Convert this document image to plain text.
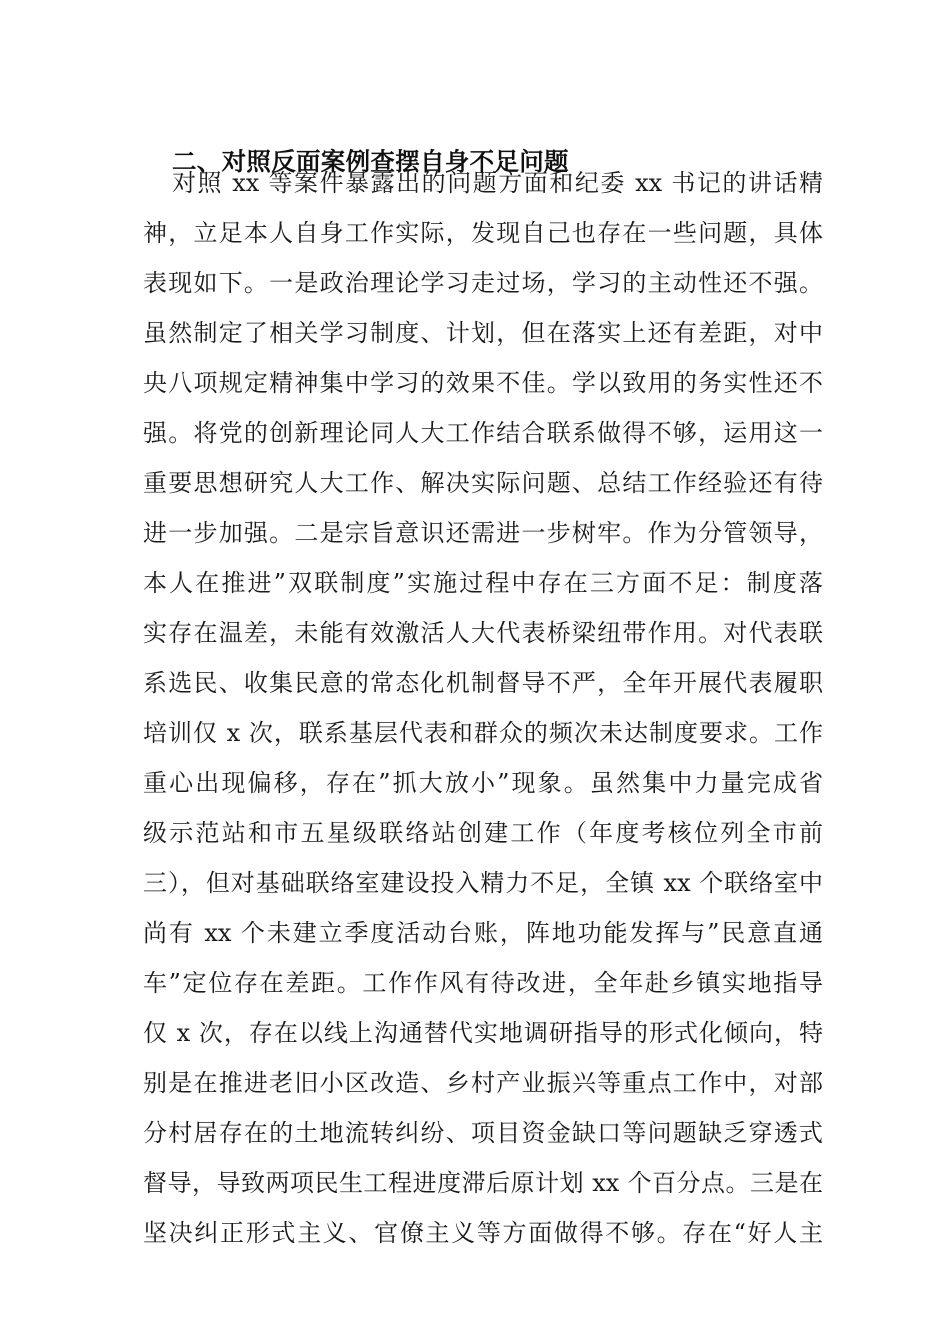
二、对照反面案例查摆自身不足问题
对照 xx 等案件暴露出的问题方面和纪委 xx 书记的讲话精
神，立足本人自身工作实际，发现自己也存在一些问题，具体
表现如下。一是政治理论学习走过场，学习的主动性还不强。
虽然制定了相关学习制度、计划，但在落实上还有差距，对中
央八项规定精神集中学习的效果不佳。学以致用的务实性还不
强。将党的创新理论同人大工作结合联系做得不够，运用这一
重要思想研究人大工作、解决实际问题、总结工作经验还有待
进一步加强。二是宗旨意识还需进一步树牢。作为分管领导，
本人在推进”双联制度”实施过程中存在三方面不足：制度落
实存在温差，未能有效激活人大代表桥梁纽带作用。对代表联
系选民、收集民意的常态化机制督导不严，全年开展代表履职
培训仅 x 次，联系基层代表和群众的频次未达制度要求。工作
重心出现偏移，存在”抓大放小”现象。虽然集中力量完成省
级示范站和市五星级联络站创建工作（年度考核位列全市前
三），但对基础联络室建设投入精力不足，全镇 xx 个联络室中
尚有 xx 个未建立季度活动台账，阵地功能发挥与”民意直通
车”定位存在差距。工作作风有待改进，全年赴乡镇实地指导
仅 x 次，存在以线上沟通替代实地调研指导的形式化倾向，特
别是在推进老旧小区改造、乡村产业振兴等重点工作中，对部
分村居存在的土地流转纠纷、项目资金缺口等问题缺乏穿透式
督导，导致两项民生工程进度滞后原计划 xx 个百分点。三是在
坚决纠正形式主义、官僚主义等方面做得不够。存在“好人主
